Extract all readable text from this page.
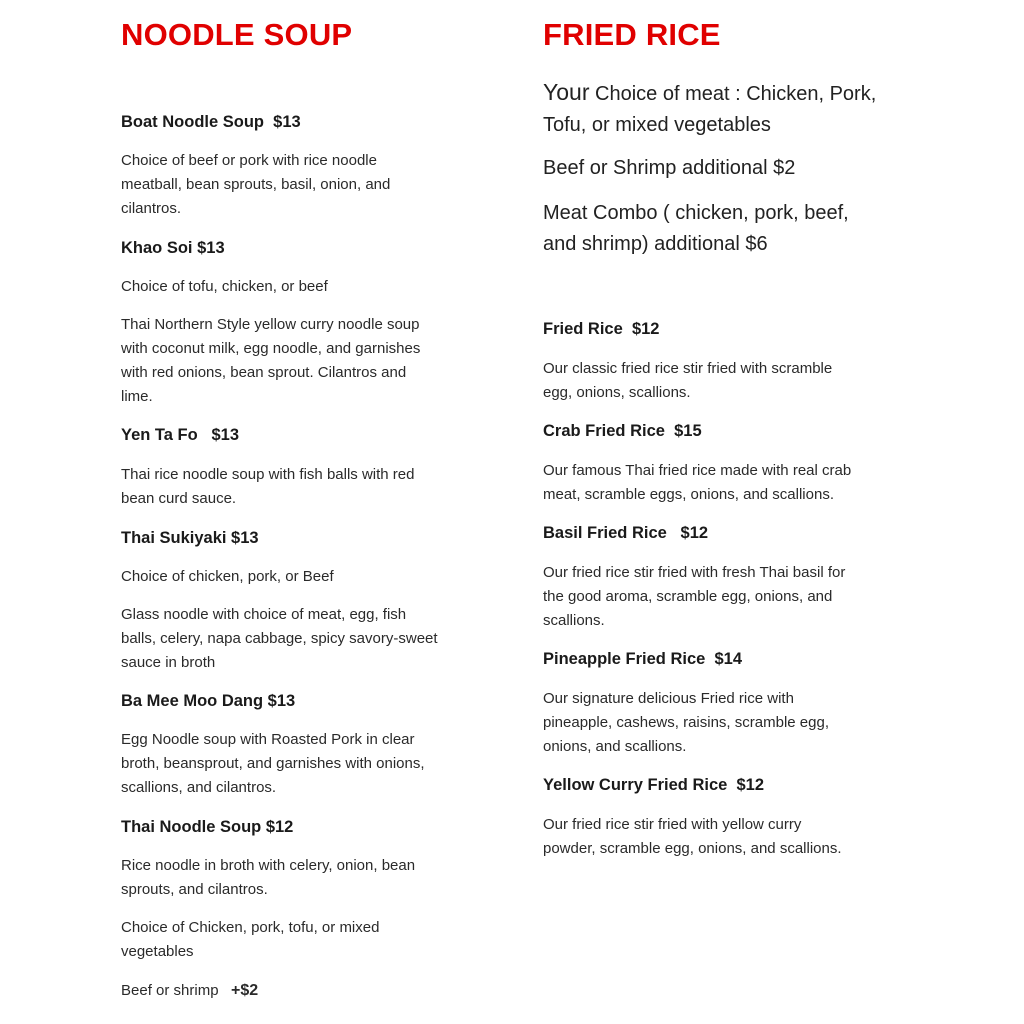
NOODLE SOUP
Boat Noodle Soup  $13
Choice of beef or pork with rice noodle
meatball, bean sprouts, basil, onion, and
cilantros.
Khao Soi $13
Choice of tofu, chicken, or beef
Thai Northern Style yellow curry noodle soup
with coconut milk, egg noodle, and garnishes
with red onions, bean sprout. Cilantros and
lime.
Yen Ta Fo   $13
Thai rice noodle soup with fish balls with red
bean curd sauce.
Thai Sukiyaki $13
Choice of chicken, pork, or Beef
Glass noodle with choice of meat, egg, fish
balls, celery, napa cabbage, spicy savory-sweet
sauce in broth
Ba Mee Moo Dang $13
Egg Noodle soup with Roasted Pork in clear
broth, beansprout, and garnishes with onions,
scallions, and cilantros.
Thai Noodle Soup $12
Rice noodle in broth with celery, onion, bean
sprouts, and cilantros.
Choice of Chicken, pork, tofu, or mixed
vegetables
Beef or shrimp   +$2
FRIED RICE
Your Choice of meat : Chicken, Pork,
Tofu, or mixed vegetables
Beef or Shrimp additional $2
Meat Combo ( chicken, pork, beef,
and shrimp) additional $6
Fried Rice  $12
Our classic fried rice stir fried with scramble
egg, onions, scallions.
Crab Fried Rice  $15
Our famous Thai fried rice made with real crab
meat, scramble eggs, onions, and scallions.
Basil Fried Rice   $12
Our fried rice stir fried with fresh Thai basil for
the good aroma, scramble egg, onions, and
scallions.
Pineapple Fried Rice  $14
Our signature delicious Fried rice with
pineapple, cashews, raisins, scramble egg,
onions, and scallions.
Yellow Curry Fried Rice  $12
Our fried rice stir fried with yellow curry
powder, scramble egg, onions, and scallions.
